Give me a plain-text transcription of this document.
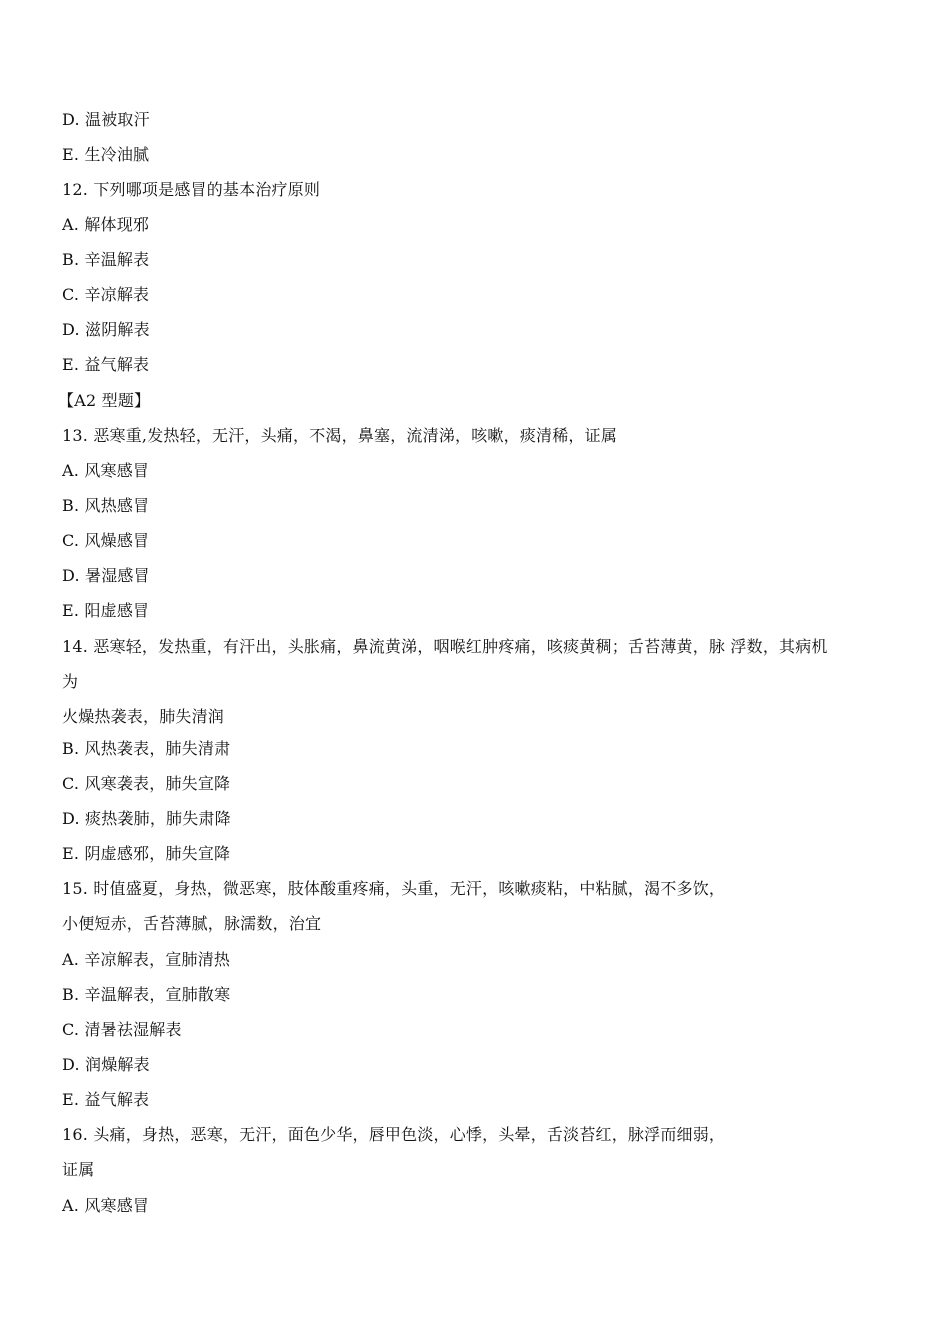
D. 温被取汗
E. 生冷油腻
12. 下列哪项是感冒的基本治疗原则
A. 解体现邪
B. 辛温解表
C. 辛凉解表
D. 滋阴解表
E. 益气解表
【A2 型题】
13. 恶寒重,发热轻，无汗，头痛，不渴，鼻塞，流清涕，咳嗽，痰清稀，证属
A. 风寒感冒
B. 风热感冒
C. 风燥感冒
D. 暑湿感冒
E. 阳虚感冒
14. 恶寒轻，发热重，有汗出，头胀痛，鼻流黄涕，咽喉红肿疼痛，咳痰黄稠；舌苔薄黄，脉 浮数，其病机
为
火燥热袭表，肺失清润
B. 风热袭表，肺失清肃
C. 风寒袭表，肺失宣降
D. 痰热袭肺，肺失肃降
E. 阴虚感邪，肺失宣降
15. 时值盛夏，身热，微恶寒，肢体酸重疼痛，头重，无汗，咳嗽痰粘，中粘腻，渴不多饮，
小便短赤，舌苔薄腻，脉濡数，治宜
A. 辛凉解表，宣肺清热
B. 辛温解表，宣肺散寒
C. 清暑祛湿解表
D. 润燥解表
E. 益气解表
16. 头痛，身热，恶寒，无汗，面色少华，唇甲色淡，心悸，头晕，舌淡苔红，脉浮而细弱，
证属
A. 风寒感冒
